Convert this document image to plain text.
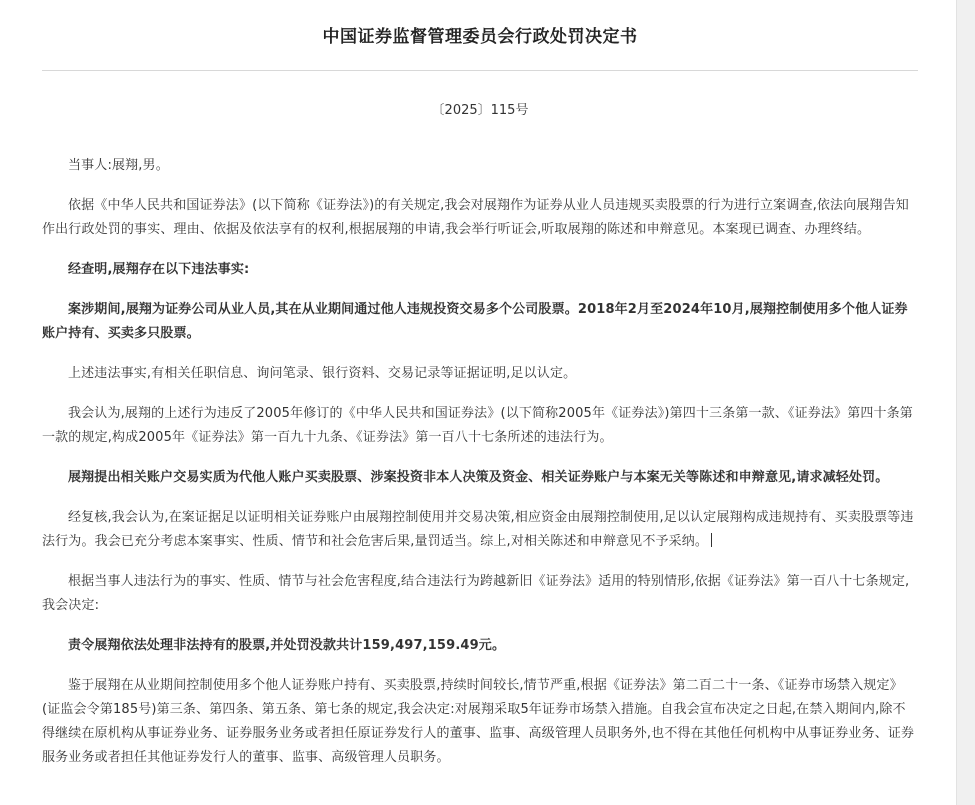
中国证券监督管理委员会行政处罚决定书
〔2025〕115号

当事人:展翔,男。

依据《中华人民共和国证券法》(以下简称《证券法》)的有关规定,我会对展翔作为证券从业人员违规买卖股票的行为进行立案调查,依法向展翔告知作出行政处罚的事实、理由、依据及依法享有的权利,根据展翔的申请,我会举行听证会,听取展翔的陈述和申辩意见。本案现已调查、办理终结。

经查明,展翔存在以下违法事实:

案涉期间,展翔为证券公司从业人员,其在从业期间通过他人违规投资交易多个公司股票。2018年2月至2024年10月,展翔控制使用多个他人证券账户持有、买卖多只股票。

上述违法事实,有相关任职信息、询问笔录、银行资料、交易记录等证据证明,足以认定。

我会认为,展翔的上述行为违反了2005年修订的《中华人民共和国证券法》(以下简称2005年《证券法》)第四十三条第一款、《证券法》第四十条第一款的规定,构成2005年《证券法》第一百九十九条、《证券法》第一百八十七条所述的违法行为。

展翔提出相关账户交易实质为代他人账户买卖股票、涉案投资非本人决策及资金、相关证券账户与本案无关等陈述和申辩意见,请求减轻处罚。

经复核,我会认为,在案证据足以证明相关证券账户由展翔控制使用并交易决策,相应资金由展翔控制使用,足以认定展翔构成违规持有、买卖股票等违法行为。我会已充分考虑本案事实、性质、情节和社会危害后果,量罚适当。综上,对相关陈述和申辩意见不予采纳。

根据当事人违法行为的事实、性质、情节与社会危害程度,结合违法行为跨越新旧《证券法》适用的特别情形,依据《证券法》第一百八十七条规定,我会决定:

责令展翔依法处理非法持有的股票,并处罚没款共计159,497,159.49元。

鉴于展翔在从业期间控制使用多个他人证券账户持有、买卖股票,持续时间较长,情节严重,根据《证券法》第二百二十一条、《证券市场禁入规定》(证监会令第185号)第三条、第四条、第五条、第七条的规定,我会决定:对展翔采取5年证券市场禁入措施。自我会宣布决定之日起,在禁入期间内,除不得继续在原机构从事证券业务、证券服务业务或者担任原证券发行人的董事、监事、高级管理人员职务外,也不得在其他任何机构中从事证券业务、证券服务业务或者担任其他证券发行人的董事、监事、高级管理人员职务。
